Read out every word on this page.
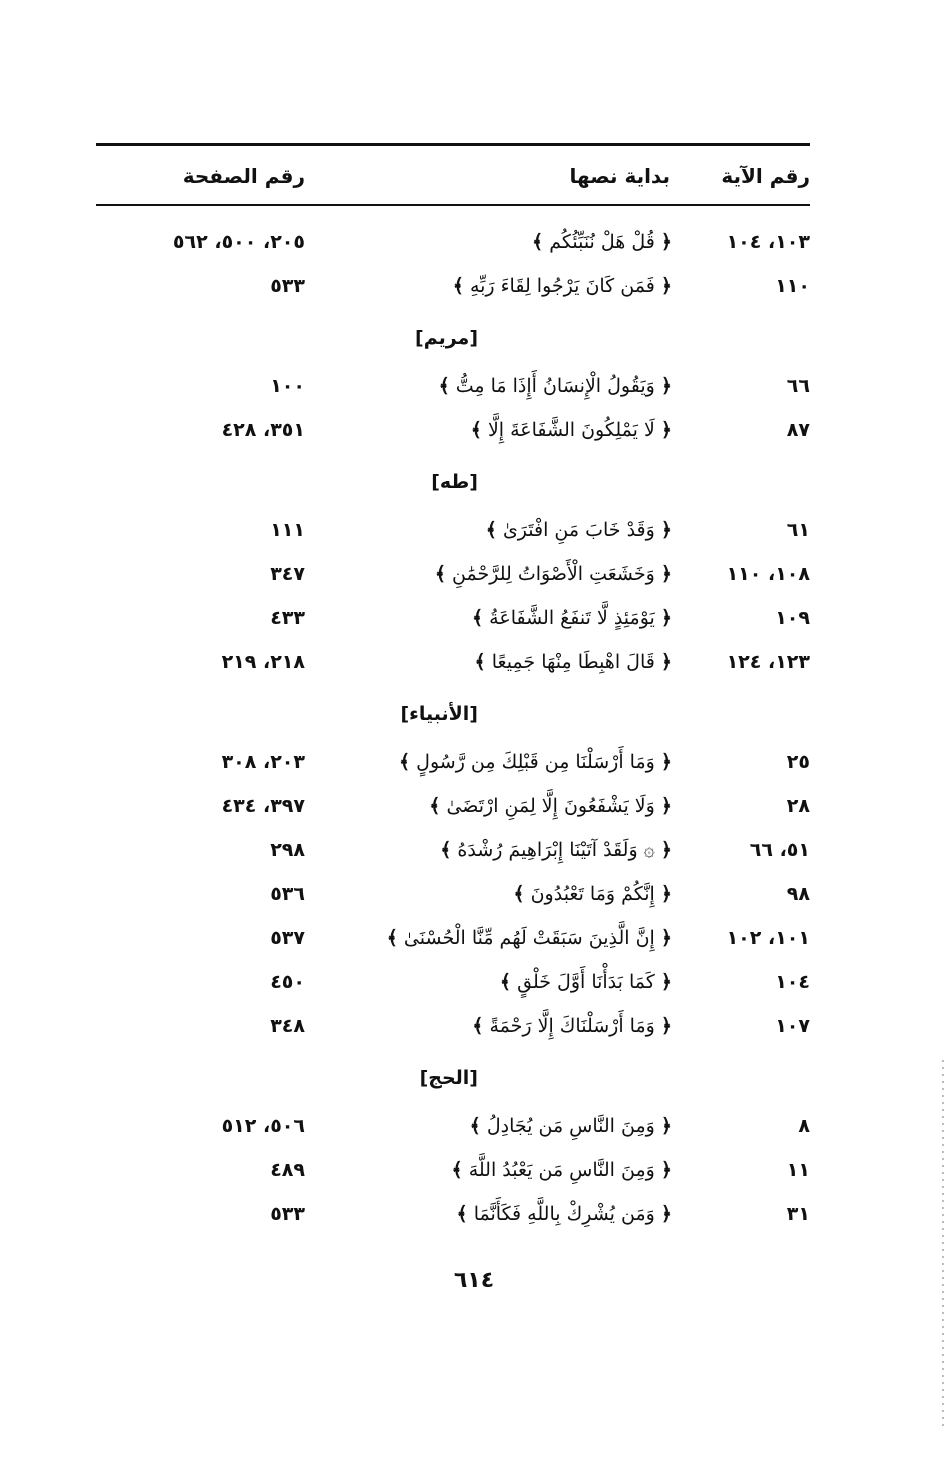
رقم الآية
بداية نصها
رقم الصفحة
١٠٣، ١٠٤
﴿ قُلْ هَلْ نُنَبِّئُكُم ﴾
٢٠٥، ٥٠٠، ٥٦٢
١١٠
﴿ فَمَن كَانَ يَرْجُوا لِقَاءَ رَبِّهِ ﴾
٥٣٣
[مريم]
٦٦
﴿ وَيَقُولُ الْإِنسَانُ أَإِذَا مَا مِتُّ ﴾
١٠٠
٨٧
﴿ لَا يَمْلِكُونَ الشَّفَاعَةَ إِلَّا ﴾
٣٥١، ٤٢٨
[طه]
٦١
﴿ وَقَدْ خَابَ مَنِ افْتَرَىٰ ﴾
١١١
١٠٨، ١١٠
﴿ وَخَشَعَتِ الْأَصْوَاتُ لِلرَّحْمَٰنِ ﴾
٣٤٧
١٠٩
﴿ يَوْمَئِذٍ لَّا تَنفَعُ الشَّفَاعَةُ ﴾
٤٣٣
١٢٣، ١٢٤
﴿ قَالَ اهْبِطَا مِنْهَا جَمِيعًا ﴾
٢١٨، ٢١٩
[الأنبياء]
٢٥
﴿ وَمَا أَرْسَلْنَا مِن قَبْلِكَ مِن رَّسُولٍ ﴾
٢٠٣، ٣٠٨
٢٨
﴿ وَلَا يَشْفَعُونَ إِلَّا لِمَنِ ارْتَضَىٰ ﴾
٣٩٧، ٤٣٤
٥١، ٦٦
﴿ ۞ وَلَقَدْ آتَيْنَا إِبْرَاهِيمَ رُشْدَهُ ﴾
٢٩٨
٩٨
﴿ إِنَّكُمْ وَمَا تَعْبُدُونَ ﴾
٥٣٦
١٠١، ١٠٢
﴿ إِنَّ الَّذِينَ سَبَقَتْ لَهُم مِّنَّا الْحُسْنَىٰ ﴾
٥٣٧
١٠٤
﴿ كَمَا بَدَأْنَا أَوَّلَ خَلْقٍ ﴾
٤٥٠
١٠٧
﴿ وَمَا أَرْسَلْنَاكَ إِلَّا رَحْمَةً ﴾
٣٤٨
[الحج]
٨
﴿ وَمِنَ النَّاسِ مَن يُجَادِلُ ﴾
٥٠٦، ٥١٢
١١
﴿ وَمِنَ النَّاسِ مَن يَعْبُدُ اللَّهَ ﴾
٤٨٩
٣١
﴿ وَمَن يُشْرِكْ بِاللَّهِ فَكَأَنَّمَا ﴾
٥٣٣
٦١٤
